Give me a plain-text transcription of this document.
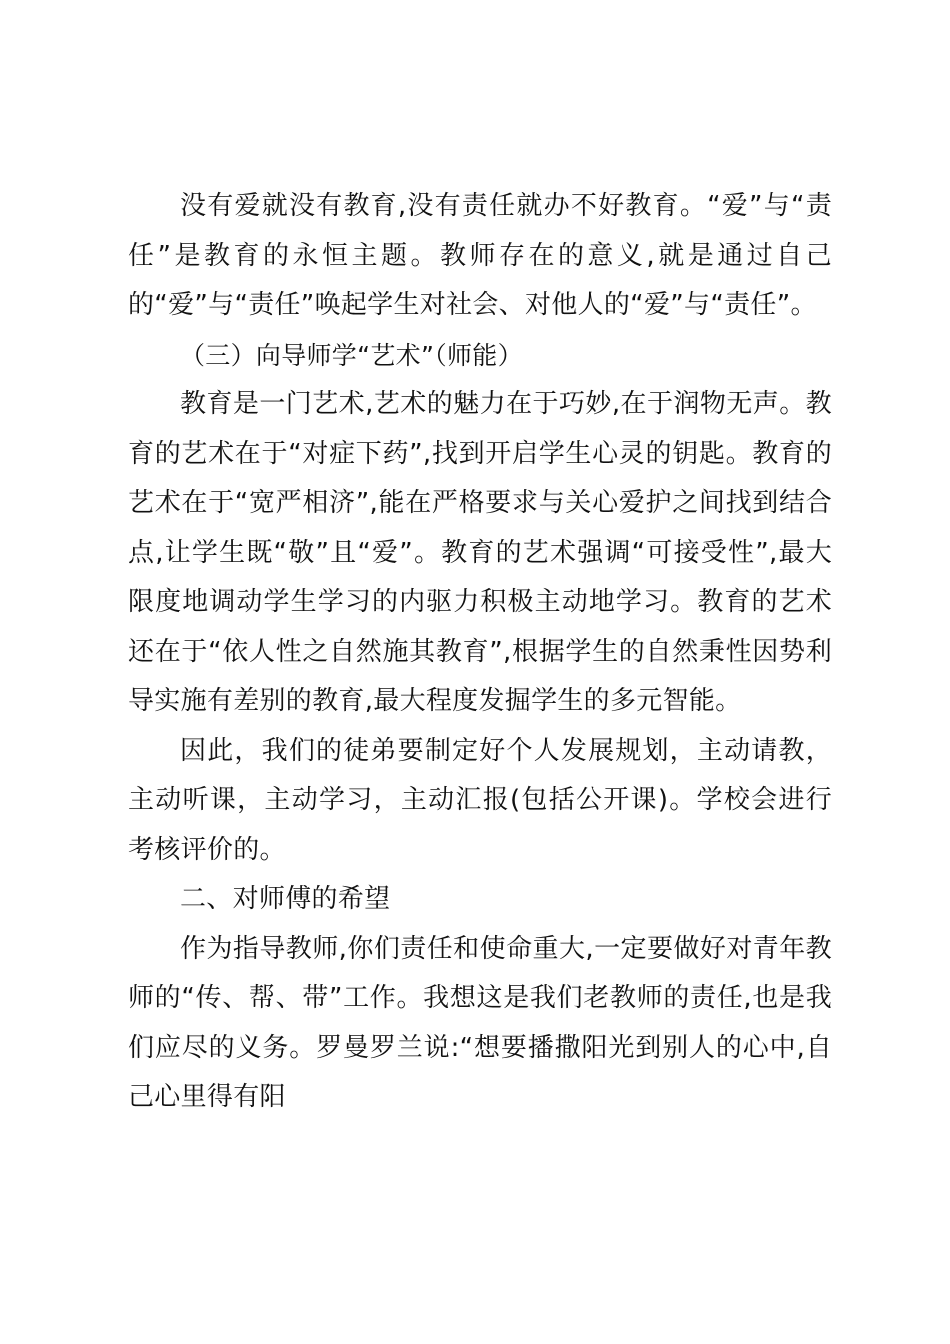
没有爱就没有教育,没有责任就办不好教育。“爱”与“责任”是教育的永恒主题。教师存在的意义,就是通过自己的“爱”与“责任”唤起学生对社会、对他人的“爱”与“责任”。

（三）向导师学“艺术”（师能）

教育是一门艺术,艺术的魅力在于巧妙,在于润物无声。教育的艺术在于“对症下药”,找到开启学生心灵的钥匙。教育的艺术在于“宽严相济”,能在严格要求与关心爱护之间找到结合点,让学生既“敬”且“爱”。教育的艺术强调“可接受性”,最大限度地调动学生学习的内驱力积极主动地学习。教育的艺术还在于“依人性之自然施其教育”,根据学生的自然秉性因势利导实施有差别的教育,最大程度发掘学生的多元智能。

因此，我们的徒弟要制定好个人发展规划，主动请教，主动听课，主动学习，主动汇报(包括公开课)。学校会进行考核评价的。

二、对师傅的希望

作为指导教师,你们责任和使命重大,一定要做好对青年教师的“传、帮、带”工作。我想这是我们老教师的责任,也是我们应尽的义务。罗曼罗兰说:“想要播撒阳光到别人的心中,自己心里得有阳
